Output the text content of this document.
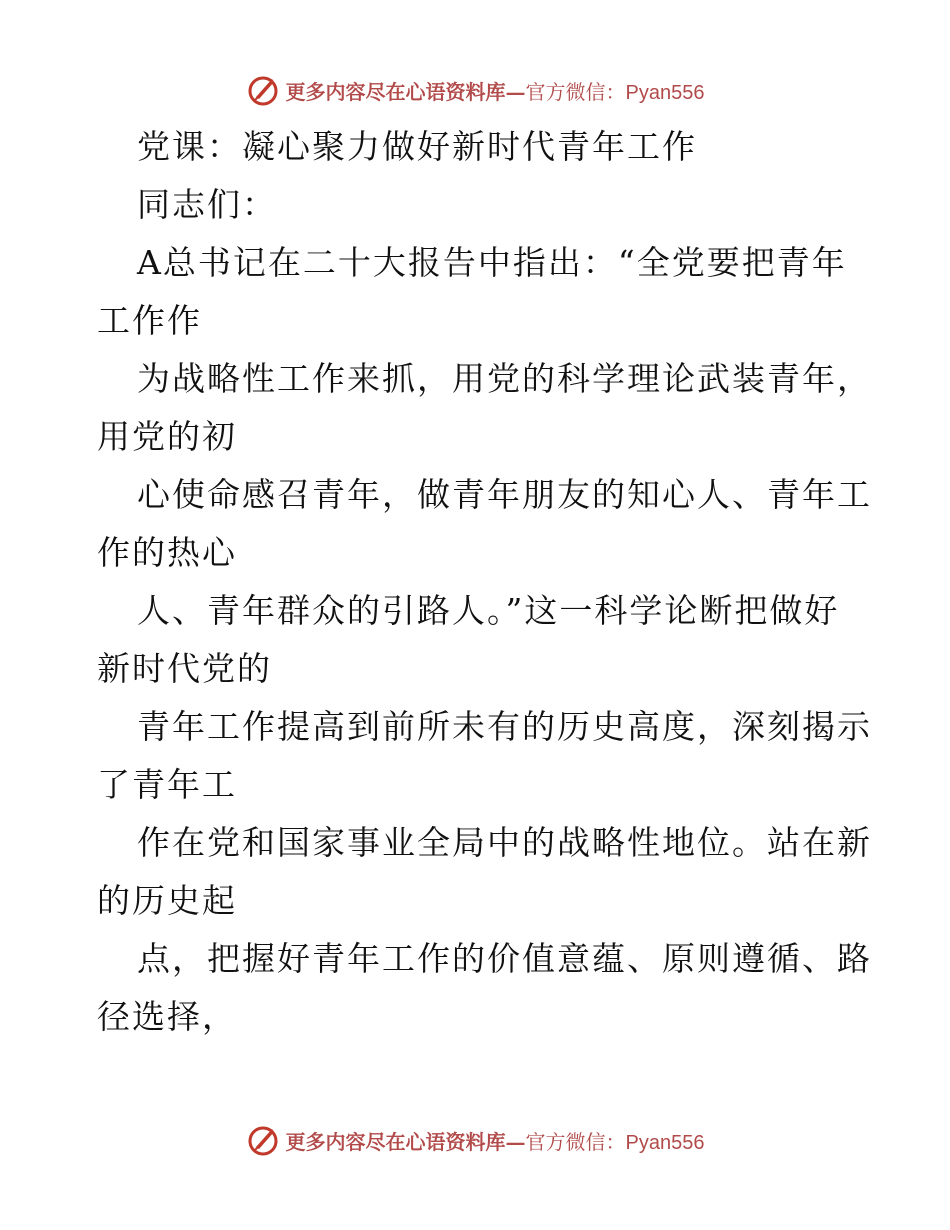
更多内容尽在心语资料库—官方微信：Pyan556
党课：凝心聚力做好新时代青年工作
同志们：
A总书记在二十大报告中指出：“全党要把青年
工作作
为战略性工作来抓，用党的科学理论武装青年，
用党的初
心使命感召青年，做青年朋友的知心人、青年工
作的热心
人、青年群众的引路人。”这一科学论断把做好
新时代党的
青年工作提高到前所未有的历史高度，深刻揭示
了青年工
作在党和国家事业全局中的战略性地位。站在新
的历史起
点，把握好青年工作的价值意蕴、原则遵循、路
径选择，
更多内容尽在心语资料库—官方微信：Pyan556
